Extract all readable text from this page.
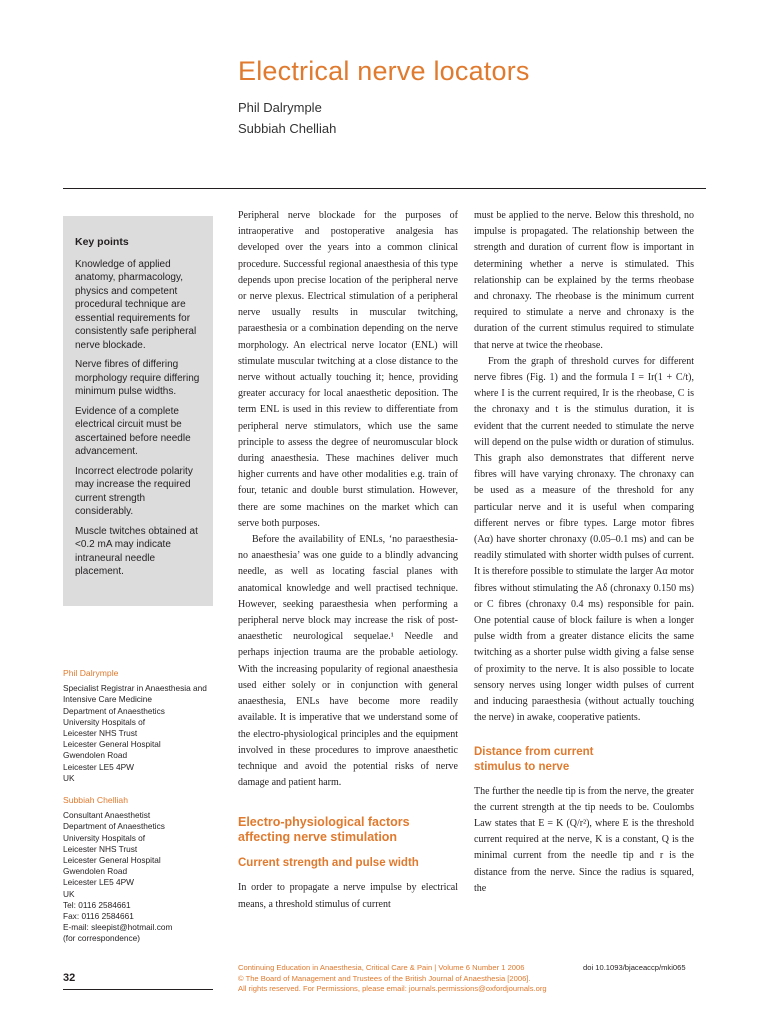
Electrical nerve locators
Phil Dalrymple
Subbiah Chelliah
Key points

Knowledge of applied anatomy, pharmacology, physics and competent procedural technique are essential requirements for consistently safe peripheral nerve blockade.

Nerve fibres of differing morphology require differing minimum pulse widths.

Evidence of a complete electrical circuit must be ascertained before needle advancement.

Incorrect electrode polarity may increase the required current strength considerably.

Muscle twitches obtained at <0.2 mA may indicate intraneural needle placement.

Phil Dalrymple
Specialist Registrar in Anaesthesia and
Intensive Care Medicine
Department of Anaesthetics
University Hospitals of
Leicester NHS Trust
Leicester General Hospital
Gwendolen Road
Leicester LE5 4PW
UK
Subbiah Chelliah
Consultant Anaesthetist
Department of Anaesthetics
University Hospitals of
Leicester NHS Trust
Leicester General Hospital
Gwendolen Road
Leicester LE5 4PW
UK
Tel: 0116 2584661
Fax: 0116 2584661
E-mail: sleepist@hotmail.com
(for correspondence)

Peripheral nerve blockade for the purposes of intraoperative and postoperative analgesia has developed over the years into a common clinical procedure. Successful regional anaesthesia of this type depends upon precise location of the peripheral nerve or nerve plexus. Electrical stimulation of a peripheral nerve usually results in muscular twitching, paraesthesia or a combination depending on the nerve morphology. An electrical nerve locator (ENL) will stimulate muscular twitching at a close distance to the nerve without actually touching it; hence, providing greater accuracy for local anaesthetic deposition. The term ENL is used in this review to differentiate from peripheral nerve stimulators, which use the same principle to assess the degree of neuromuscular block during anaesthesia. These machines deliver much higher currents and have other modalities e.g. train of four, tetanic and double burst stimulation. However, there are some machines on the market which can serve both purposes.

Before the availability of ENLs, ‘no paraesthesia-no anaesthesia’ was one guide to a blindly advancing needle, as well as locating fascial planes with anatomical knowledge and well practised technique. However, seeking paraesthesia when performing a peripheral nerve block may increase the risk of post-anaesthetic neurological sequelae.¹ Needle and perhaps injection trauma are the probable aetiology. With the increasing popularity of regional anaesthesia used either solely or in conjunction with general anaesthesia, ENLs have become more readily available. It is imperative that we understand some of the electro-physiological principles and the equipment involved in these procedures to improve anaesthetic technique and avoid the potential risks of nerve damage and patient harm.

Electro-physiological factors affecting nerve stimulation
Current strength and pulse width

In order to propagate a nerve impulse by electrical means, a threshold stimulus of current

must be applied to the nerve. Below this threshold, no impulse is propagated. The relationship between the strength and duration of current flow is important in determining whether a nerve is stimulated. This relationship can be explained by the terms rheobase and chronaxy. The rheobase is the minimum current required to stimulate a nerve and chronaxy is the duration of the current stimulus required to stimulate that nerve at twice the rheobase.

From the graph of threshold curves for different nerve fibres (Fig. 1) and the formula I = Ir(1 + C/t), where I is the current required, Ir is the rheobase, C is the chronaxy and t is the stimulus duration, it is evident that the current needed to stimulate the nerve will depend on the pulse width or duration of stimulus. This graph also demonstrates that different nerve fibres will have varying chronaxy. The chronaxy can be used as a measure of the threshold for any particular nerve and it is useful when comparing different nerves or fibre types. Large motor fibres (Aα) have shorter chronaxy (0.05–0.1 ms) and can be readily stimulated with shorter width pulses of current. It is therefore possible to stimulate the larger Aα motor fibres without stimulating the Aδ (chronaxy 0.150 ms) or C fibres (chronaxy 0.4 ms) responsible for pain. One potential cause of block failure is when a longer pulse width from a greater distance elicits the same twitching as a shorter pulse width giving a false sense of proximity to the nerve. It is also possible to locate sensory nerves using longer width pulses of current and inducing paraesthesia (without actually touching the nerve) in awake, cooperative patients.

Distance from current stimulus to nerve

The further the needle tip is from the nerve, the greater the current strength at the tip needs to be. Coulombs Law states that E = K (Q/r²), where E is the threshold current required at the nerve, K is a constant, Q is the minimal current from the needle tip and r is the distance from the nerve. Since the radius is squared, the

32
Continuing Education in Anaesthesia, Critical Care & Pain | Volume 6 Number 1 2006
© The Board of Management and Trustees of the British Journal of Anaesthesia [2006].
All rights reserved. For Permissions, please email: journals.permissions@oxfordjournals.org
doi 10.1093/bjaceaccp/mki065
